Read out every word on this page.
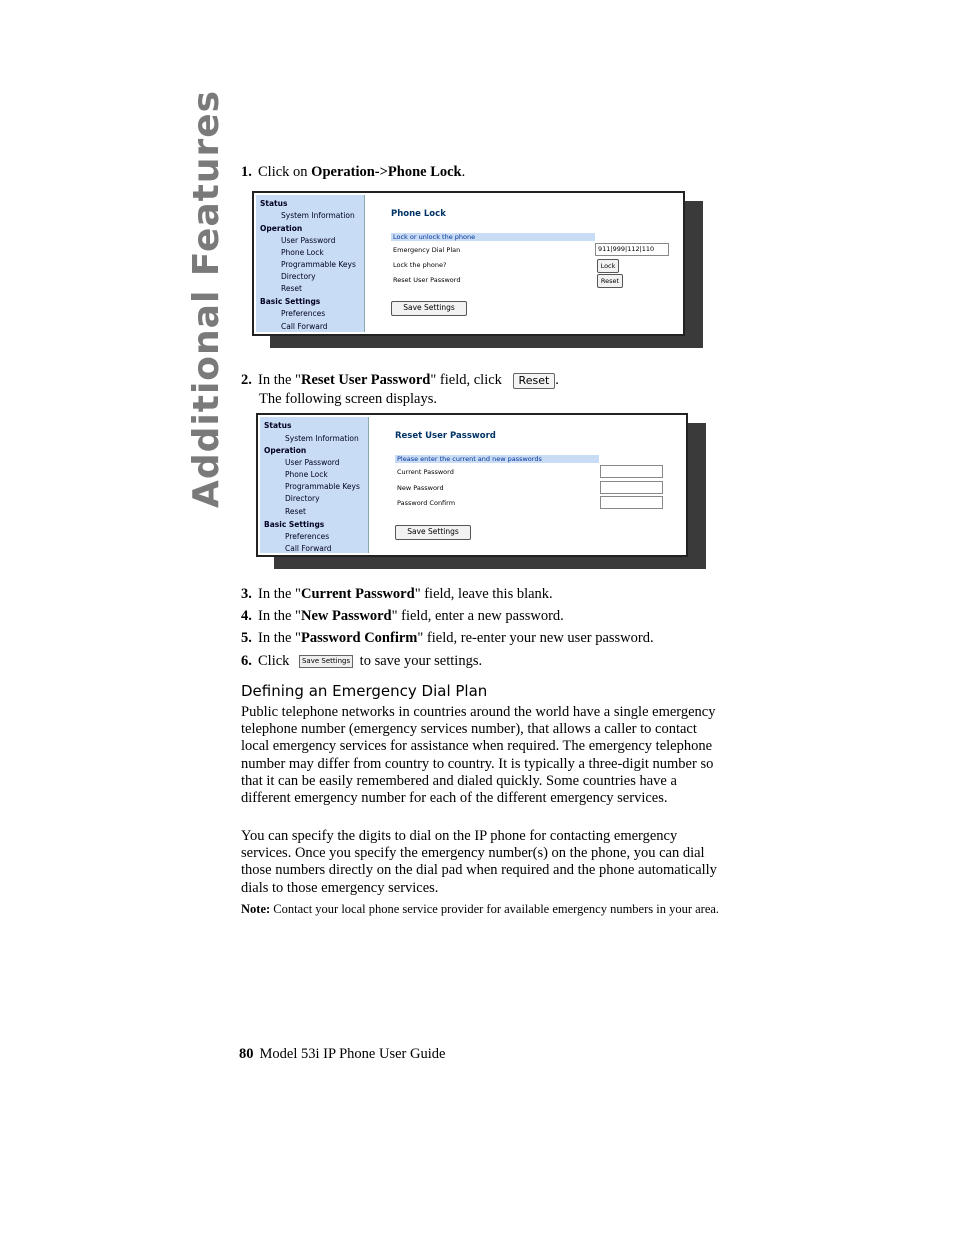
Additional Features 1. Click on Operation->Phone Lock.
Status
System Information
Operation
User Password
Phone Lock
Programmable Keys
Directory
Reset
Basic Settings
Preferences
Call Forward
Phone Lock
Lock or unlock the phone
Emergency Dial Plan	911|999|112|110
Lock the phone?	Lock
Reset User Password	Reset
Save Settings
2. In the "Reset User Password" field, click Reset .
The following screen displays.
Status
System Information
Operation
User Password
Phone Lock
Programmable Keys
Directory
Reset
Basic Settings
Preferences
Call Forward
Reset User Password
Please enter the current and new passwords
Current Password
New Password
Password Confirm
Save Settings
3. In the "Current Password" field, leave this blank.
4. In the "New Password" field, enter a new password.
5. In the "Password Confirm" field, re-enter your new user password.
6. Click Save Settings to save your settings.
Defining an Emergency Dial Plan
Public telephone networks in countries around the world have a single emergency telephone number (emergency services number), that allows a caller to contact local emergency services for assistance when required. The emergency telephone number may differ from country to country. It is typically a three-digit number so that it can be easily remembered and dialed quickly. Some countries have a different emergency number for each of the different emergency services.
You can specify the digits to dial on the IP phone for contacting emergency services. Once you specify the emergency number(s) on the phone, you can dial those numbers directly on the dial pad when required and the phone automatically dials to those emergency services.
Note: Contact your local phone service provider for available emergency numbers in your area.
80 Model 53i IP Phone User Guide
